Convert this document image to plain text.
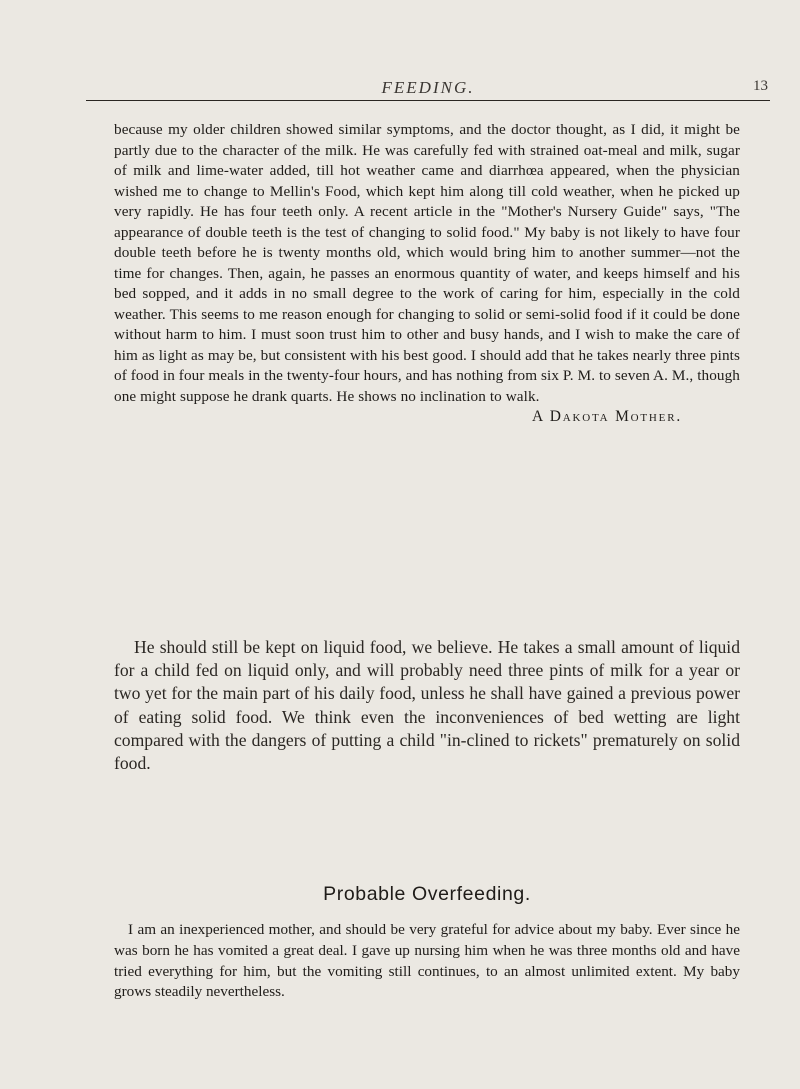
FEEDING.	13

because my older children showed similar symptoms, and the doctor thought, as I did, it might be partly due to the character of the milk. He was carefully fed with strained oat-meal and milk, sugar of milk and lime-water added, till hot weather came and diarrhœa appeared, when the physician wished me to change to Mellin's Food, which kept him along till cold weather, when he picked up very rapidly. He has four teeth only. A recent article in the "Mother's Nursery Guide" says, "The appearance of double teeth is the test of changing to solid food." My baby is not likely to have four double teeth before he is twenty months old, which would bring him to another summer—not the time for changes. Then, again, he passes an enormous quantity of water, and keeps himself and his bed sopped, and it adds in no small degree to the work of caring for him, especially in the cold weather. This seems to me reason enough for changing to solid or semi-solid food if it could be done without harm to him. I must soon trust him to other and busy hands, and I wish to make the care of him as light as may be, but consistent with his best good. I should add that he takes nearly three pints of food in four meals in the twenty-four hours, and has nothing from six P. M. to seven A. M., though one might suppose he drank quarts. He shows no inclination to walk.

A Dakota Mother.

He should still be kept on liquid food, we believe. He takes a small amount of liquid for a child fed on liquid only, and will probably need three pints of milk for a year or two yet for the main part of his daily food, unless he shall have gained a previous power of eating solid food. We think even the inconveniences of bed wetting are light compared with the dangers of putting a child "in-clined to rickets" prematurely on solid food.

Probable Overfeeding.

I am an inexperienced mother, and should be very grateful for advice about my baby. Ever since he was born he has vomited a great deal. I gave up nursing him when he was three months old and have tried everything for him, but the vomiting still continues, to an almost unlimited extent. My baby grows steadily nevertheless.
